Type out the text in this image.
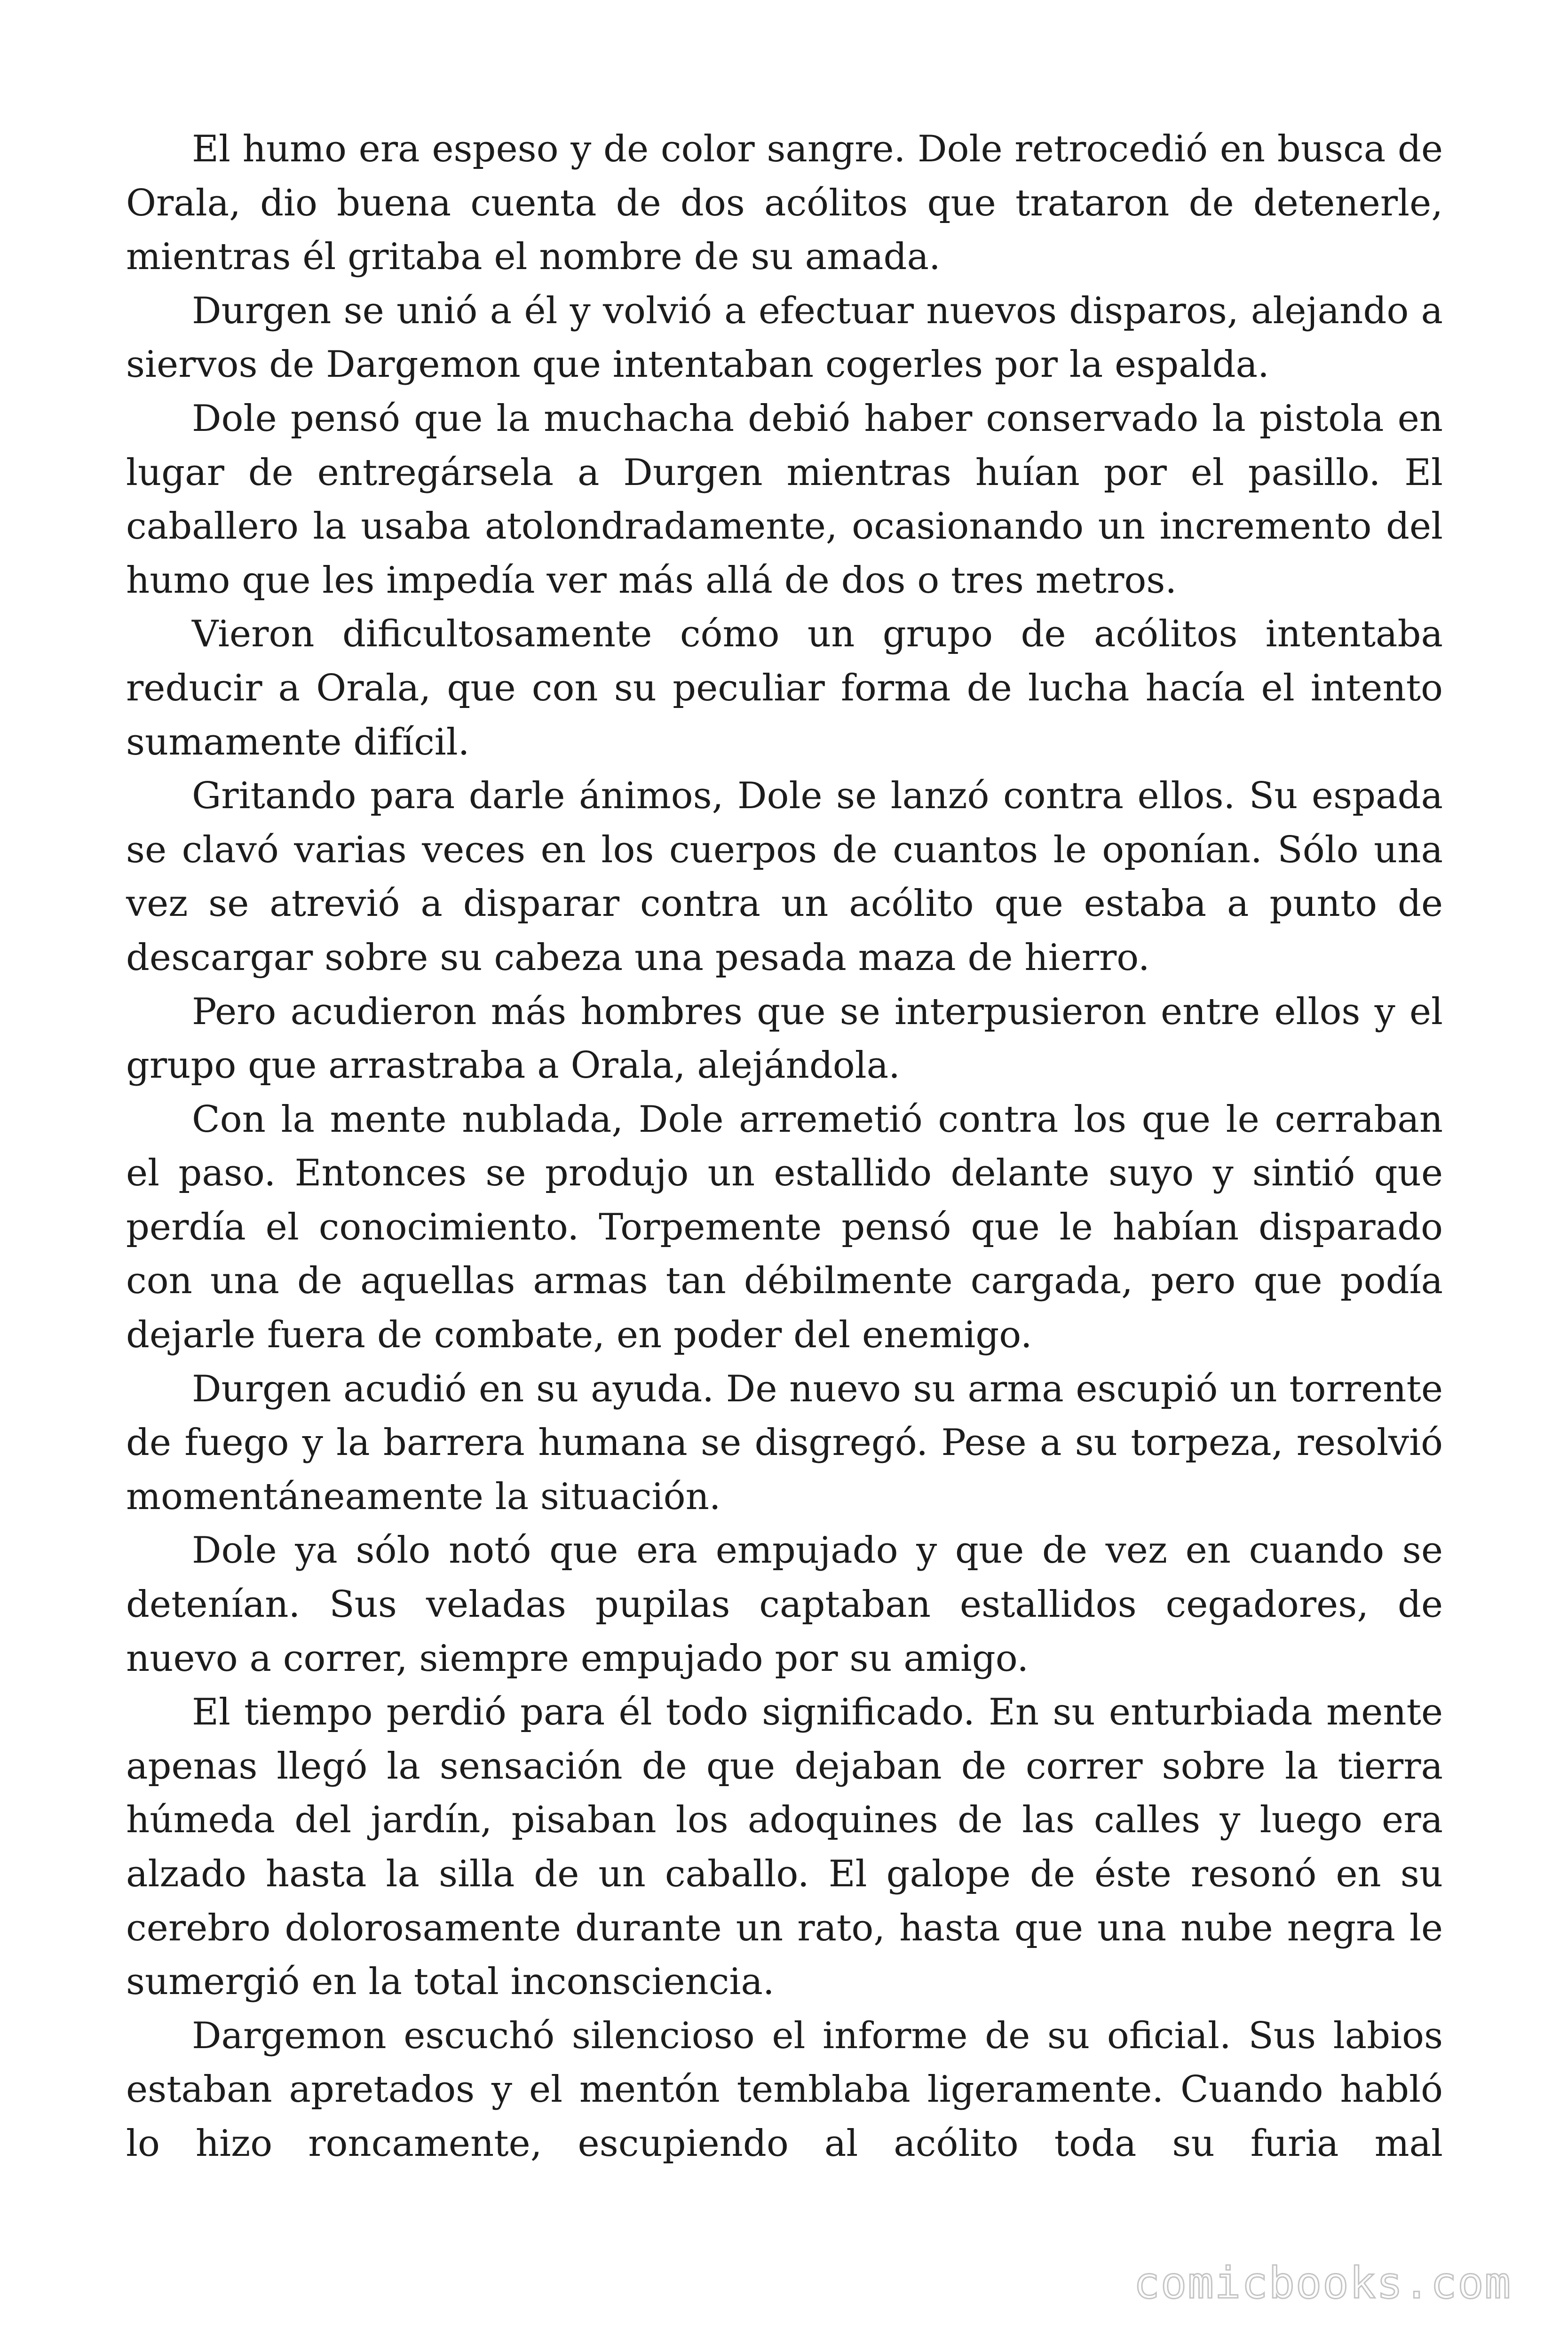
El humo era espeso y de color sangre. Dole retrocedió en busca de Orala, dio buena cuenta de dos acólitos que trataron de detenerle, mientras él gritaba el nombre de su amada.

Durgen se unió a él y volvió a efectuar nuevos disparos, alejando a siervos de Dargemon que intentaban cogerles por la espalda.

Dole pensó que la muchacha debió haber conservado la pistola en lugar de entregársela a Durgen mientras huían por el pasillo. El caballero la usaba atolondradamente, ocasionando un incremento del humo que les impedía ver más allá de dos o tres metros.

Vieron dificultosamente cómo un grupo de acólitos intentaba reducir a Orala, que con su peculiar forma de lucha hacía el intento sumamente difícil.

Gritando para darle ánimos, Dole se lanzó contra ellos. Su espada se clavó varias veces en los cuerpos de cuantos le oponían. Sólo una vez se atrevió a disparar contra un acólito que estaba a punto de descargar sobre su cabeza una pesada maza de hierro.

Pero acudieron más hombres que se interpusieron entre ellos y el grupo que arrastraba a Orala, alejándola.

Con la mente nublada, Dole arremetió contra los que le cerraban el paso. Entonces se produjo un estallido delante suyo y sintió que perdía el conocimiento. Torpemente pensó que le habían disparado con una de aquellas armas tan débilmente cargada, pero que podía dejarle fuera de combate, en poder del enemigo.

Durgen acudió en su ayuda. De nuevo su arma escupió un torrente de fuego y la barrera humana se disgregó. Pese a su torpeza, resolvió momentáneamente la situación.

Dole ya sólo notó que era empujado y que de vez en cuando se detenían. Sus veladas pupilas captaban estallidos cegadores, de nuevo a correr, siempre empujado por su amigo.

El tiempo perdió para él todo significado. En su enturbiada mente apenas llegó la sensación de que dejaban de correr sobre la tierra húmeda del jardín, pisaban los adoquines de las calles y luego era alzado hasta la silla de un caballo. El galope de éste resonó en su cerebro dolorosamente durante un rato, hasta que una nube negra le sumergió en la total inconsciencia.

Dargemon escuchó silencioso el informe de su oficial. Sus labios estaban apretados y el mentón temblaba ligeramente. Cuando habló lo hizo roncamente, escupiendo al acólito toda su furia mal

comicbooks.com
